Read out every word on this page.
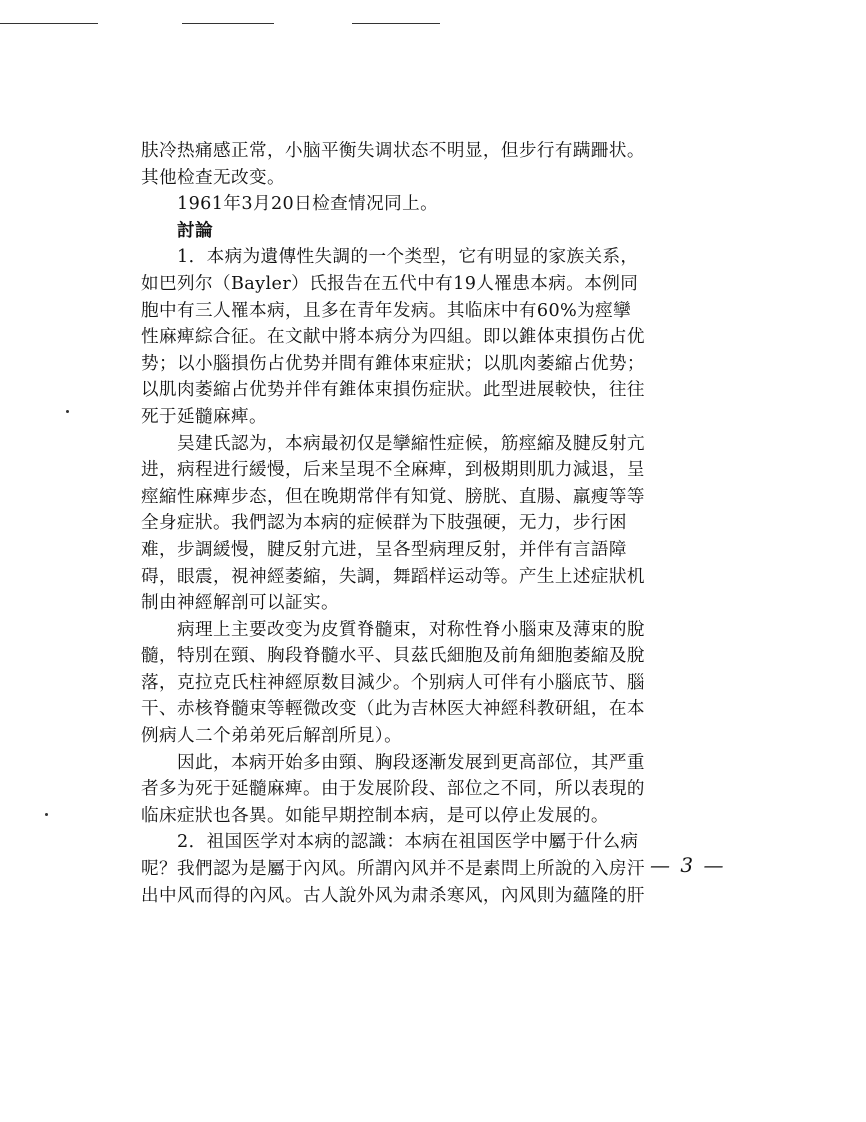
肤冷热痛感正常，小脑平衡失调状态不明显，但步行有蹒跚状。
其他检查无改变。
　　1961年3月20日检查情况同上。
　　討論
　　1．本病为遺傳性失調的一个类型，它有明显的家族关系，
如巴列尔（Bayler）氏报告在五代中有19人罹患本病。本例同
胞中有三人罹本病，且多在青年发病。其临床中有60%为痙攣
性麻痺綜合征。在文献中將本病分为四組。即以錐体束損伤占优
势；以小腦損伤占优势并間有錐体束症狀；以肌肉萎縮占优势；
以肌肉萎縮占优势并伴有錐体束損伤症狀。此型进展較快，往往
死于延髓麻痺。
　　吴建氏認为，本病最初仅是攣縮性症候，筋痙縮及腱反射亢
进，病程进行緩慢，后来呈現不全麻痺，到极期則肌力減退，呈
痙縮性麻痺步态，但在晚期常伴有知覚、膀胱、直腸、羸瘦等等
全身症狀。我們認为本病的症候群为下肢强硬，无力，步行困
难，步調緩慢，腱反射亢进，呈各型病理反射，并伴有言語障
碍，眼震，視神經萎縮，失調，舞蹈样运动等。产生上述症狀机
制由神經解剖可以証实。
　　病理上主要改变为皮質脊髓束，对称性脊小腦束及薄束的脫
髓，特別在頸、胸段脊髓水平、貝茲氏細胞及前角細胞萎縮及脫
落，克拉克氏柱神經原数目減少。个别病人可伴有小腦底节、腦
干、赤核脊髓束等輕微改变（此为吉林医大神經科教研組，在本
例病人二个弟弟死后解剖所見）。
　　因此，本病开始多由頸、胸段逐漸发展到更高部位，其严重
者多为死于延髓麻痺。由于发展阶段、部位之不同，所以表現的
临床症狀也各異。如能早期控制本病，是可以停止发展的。
　　2．祖国医学对本病的認識：本病在祖国医学中屬于什么病
呢？我們認为是屬于內风。所謂內风并不是素問上所說的入房汗
出中风而得的內风。古人說外风为肃杀寒风，內风則为蘊隆的肝
— 3 —
